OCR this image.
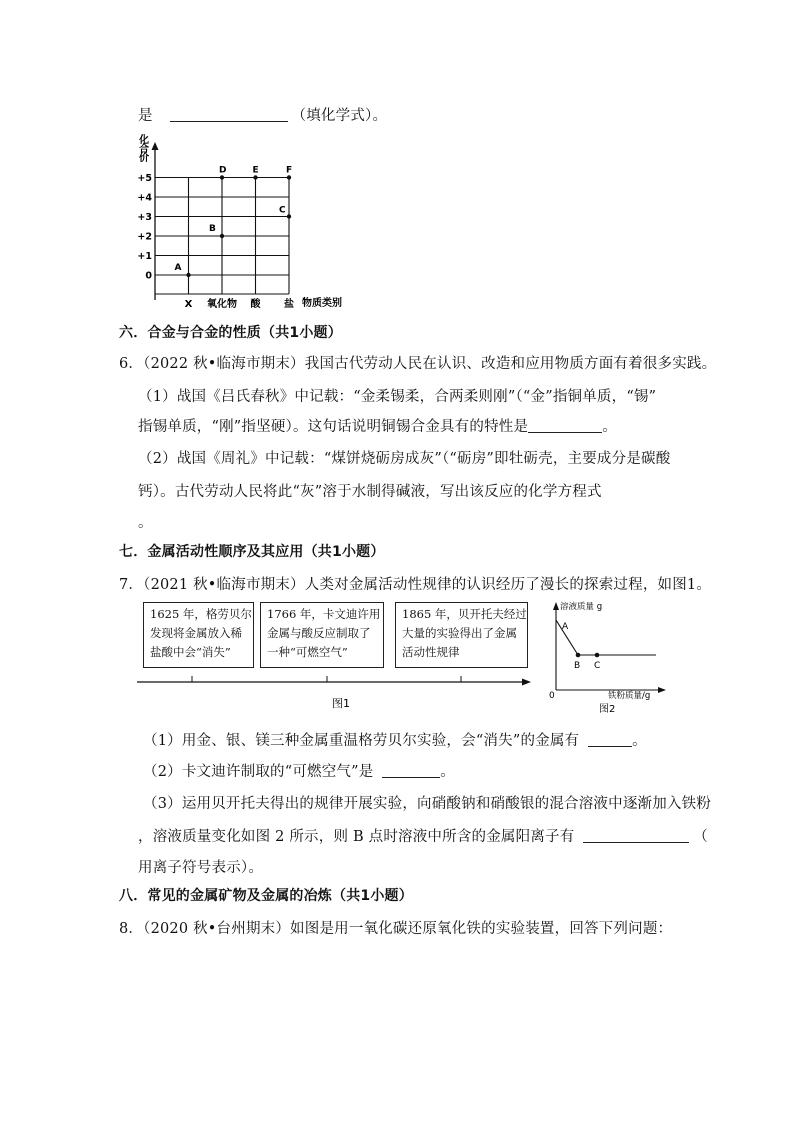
是	（填化学式）。
化
合
价
+5
+4
+3
+2
+1
0
X 氧化物 酸 盐 物质类别
A
B
C
D	E	F
六．合金与合金的性质（共1小题）
6．（2022 秋•临海市期末）我国古代劳动人民在认识、改造和应用物质方面有着很多实践。
（1）战国《吕氏春秋》中记载：“金柔锡柔，合两柔则刚”（“金”指铜单质，“锡”
指锡单质，“刚”指坚硬）。这句话说明铜锡合金具有的特性是	。
（2）战国《周礼》中记载：“煤饼烧砺房成灰”（“砺房”即牡砺壳，主要成分是碳酸
钙）。古代劳动人民将此“灰”溶于水制得碱液，写出该反应的化学方程式
。
七．金属活动性顺序及其应用（共1小题）
7．（2021 秋•临海市期末）人类对金属活动性规律的认识经历了漫长的探索过程，如图1。
1625 年，格劳贝尔
发现将金属放入稀
盐酸中会“消失”
1766 年，卡文迪许用
金属与酸反应制取了
一种“可燃空气”
1865 年，贝开托夫经过
大量的实验得出了金属
活动性规律
图1
溶液质量 g
铁粉质量/g
0
A
B C
图2
（1）用金、银、镁三种金属重温格劳贝尔实验，会“消失”的金属有	。
（2）卡文迪许制取的“可燃空气”是	。
（3）运用贝开托夫得出的规律开展实验，向硝酸钠和硝酸银的混合溶液中逐渐加入铁粉
，溶液质量变化如图 2 所示，则 B 点时溶液中所含的金属阳离子有	（
用离子符号表示）。
八．常见的金属矿物及金属的冶炼（共1小题）
8．（2020 秋•台州期末）如图是用一氧化碳还原氧化铁的实验装置，回答下列问题：
